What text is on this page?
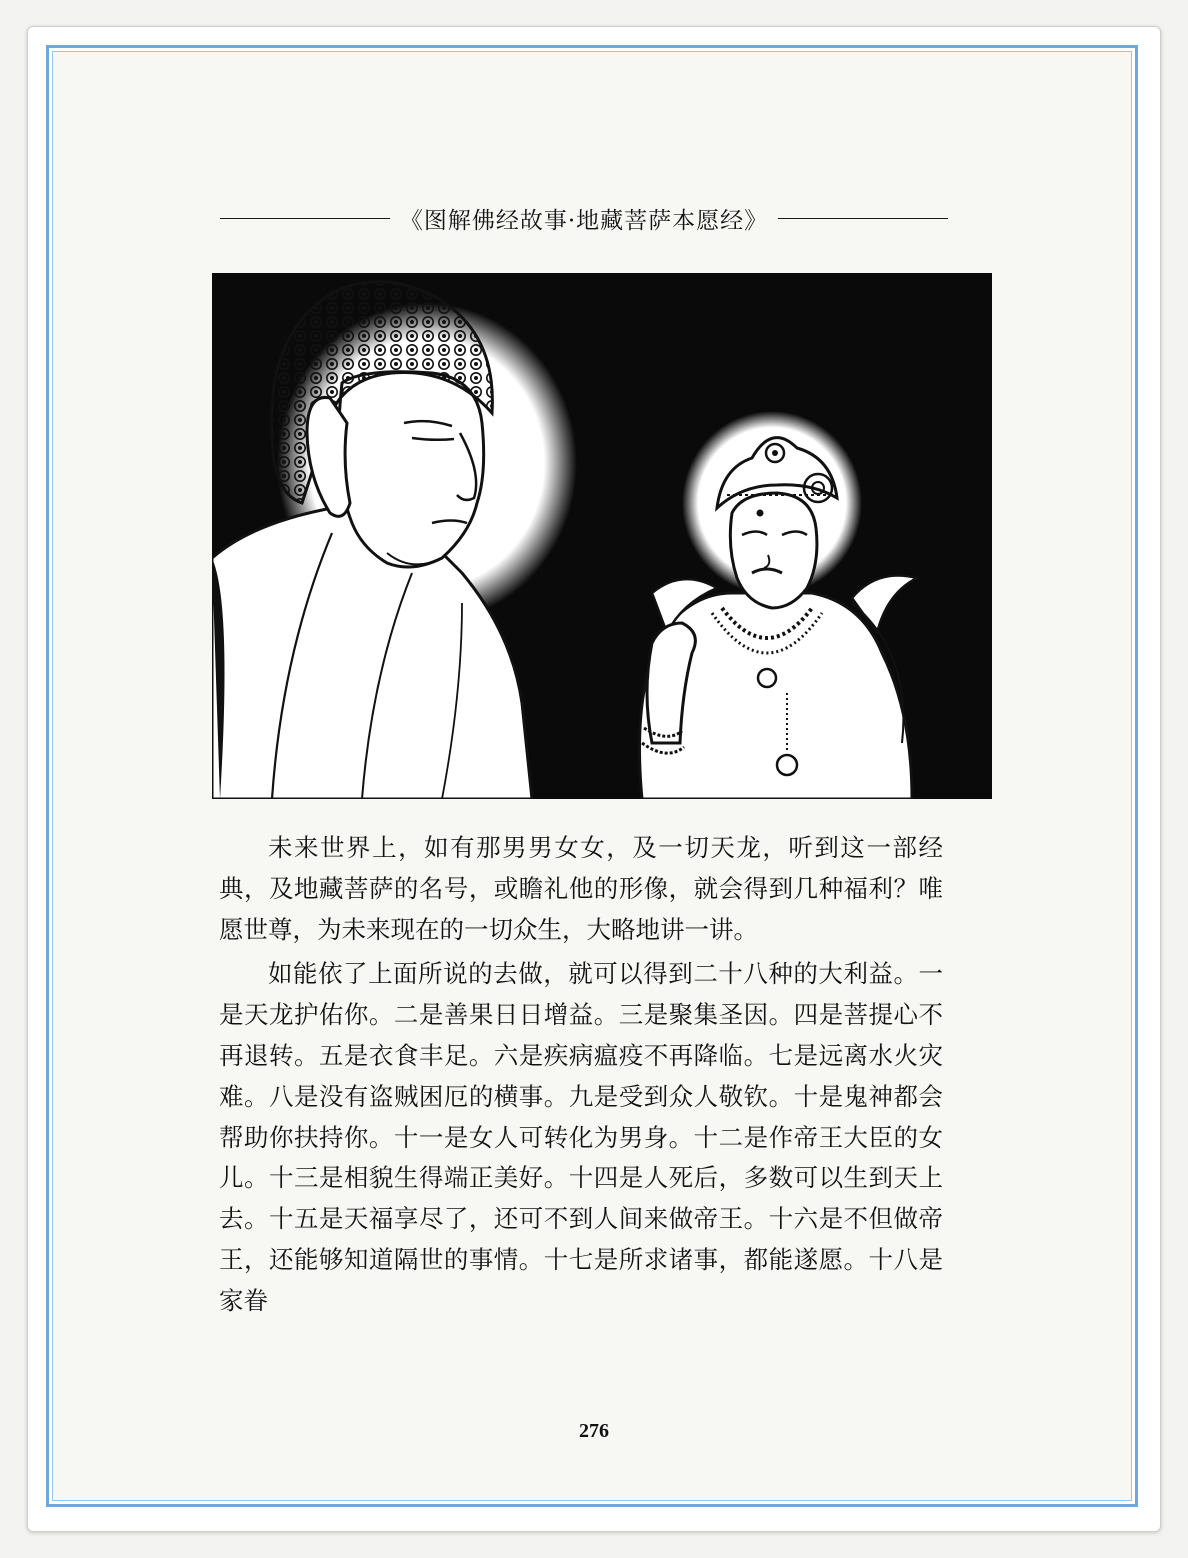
《图解佛经故事·地藏菩萨本愿经》

未来世界上，如有那男男女女，及一切天龙，听到这一部经典，及地藏菩萨的名号，或瞻礼他的形像，就会得到几种福利？唯愿世尊，为未来现在的一切众生，大略地讲一讲。

如能依了上面所说的去做，就可以得到二十八种的大利益。一是天龙护佑你。二是善果日日增益。三是聚集圣因。四是菩提心不再退转。五是衣食丰足。六是疾病瘟疫不再降临。七是远离水火灾难。八是没有盗贼困厄的横事。九是受到众人敬钦。十是鬼神都会帮助你扶持你。十一是女人可转化为男身。十二是作帝王大臣的女儿。十三是相貌生得端正美好。十四是人死后，多数可以生到天上去。十五是天福享尽了，还可不到人间来做帝王。十六是不但做帝王，还能够知道隔世的事情。十七是所求诸事，都能遂愿。十八是家眷

276
